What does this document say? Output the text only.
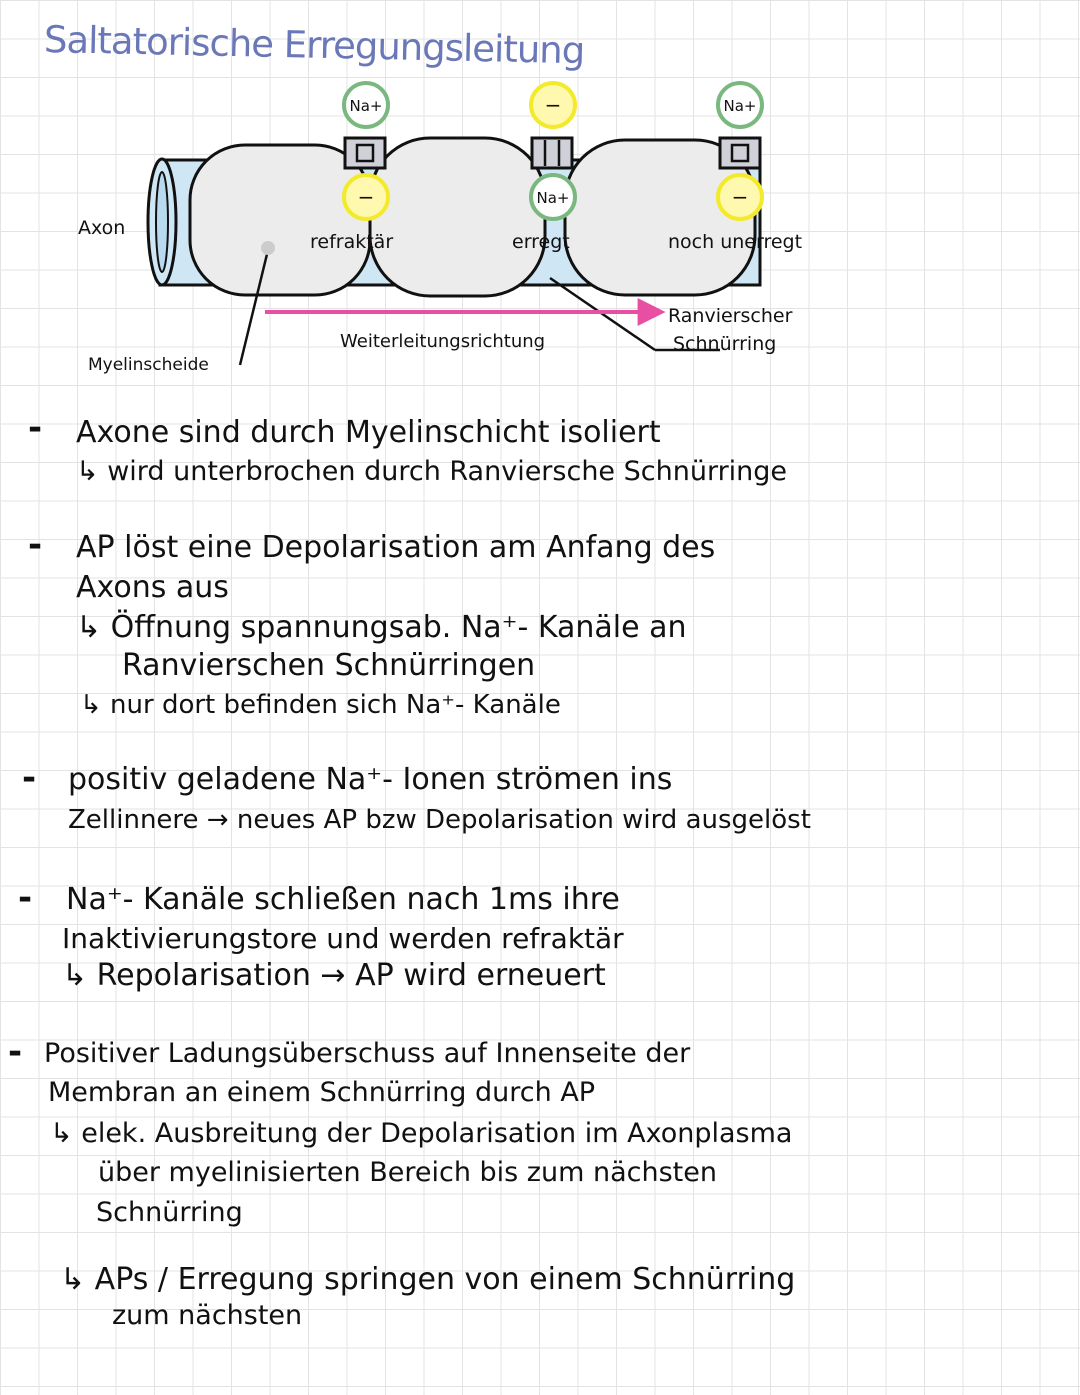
Saltatorische Erregungsleitung
Na+	−	Na+
−	Na+	−
Axon
refraktär	erregt	noch unerregt
Weiterleitungsrichtung
Ranvierscher
Schnürring
Myelinscheide
- Axone sind durch Myelinschicht isoliert
↳ wird unterbrochen durch Ranviersche Schnürringe
- AP löst eine Depolarisation am Anfang des
Axons aus
↳ Öffnung spannungsab. Na⁺- Kanäle an
Ranvierschen Schnürringen
↳ nur dort befinden sich Na⁺- Kanäle
- positiv geladene Na⁺- Ionen strömen ins
Zellinnere → neues AP bzw Depolarisation wird ausgelöst
- Na⁺- Kanäle schließen nach 1ms ihre
Inaktivierungstore und werden refraktär
↳ Repolarisation → AP wird erneuert
- Positiver Ladungsüberschuss auf Innenseite der
Membran an einem Schnürring durch AP
↳ elek. Ausbreitung der Depolarisation im Axonplasma
über myelinisierten Bereich bis zum nächsten
Schnürring
↳ APs / Erregung springen von einem Schnürring
zum nächsten
